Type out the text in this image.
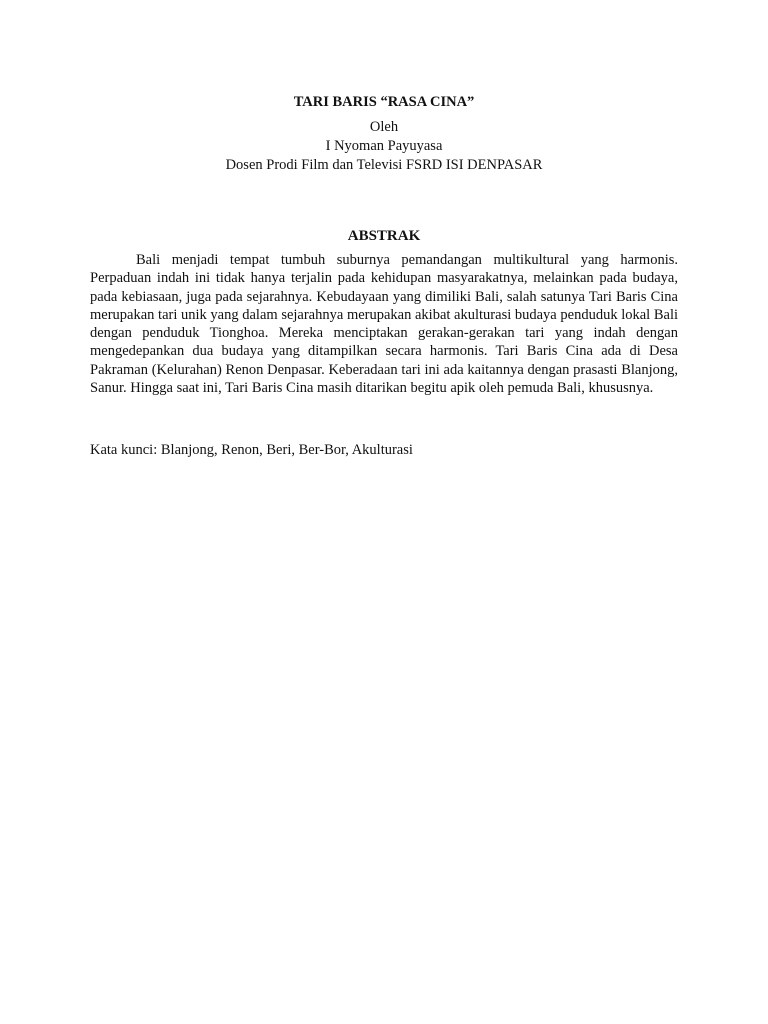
TARI BARIS “RASA CINA”
Oleh
I Nyoman Payuyasa
Dosen Prodi Film dan Televisi FSRD ISI DENPASAR
ABSTRAK

Bali menjadi tempat tumbuh suburnya pemandangan multikultural yang harmonis. Perpaduan indah ini tidak hanya terjalin pada kehidupan masyarakatnya, melainkan pada budaya, pada kebiasaan, juga pada sejarahnya. Kebudayaan yang dimiliki Bali, salah satunya Tari Baris Cina merupakan tari unik yang dalam sejarahnya merupakan akibat akulturasi budaya penduduk lokal Bali dengan penduduk Tionghoa. Mereka menciptakan gerakan-gerakan tari yang indah dengan mengedepankan dua budaya yang ditampilkan secara harmonis. Tari Baris Cina ada di Desa Pakraman (Kelurahan) Renon Denpasar. Keberadaan tari ini ada kaitannya dengan prasasti Blanjong, Sanur. Hingga saat ini, Tari Baris Cina masih ditarikan begitu apik oleh pemuda Bali, khususnya.

Kata kunci: Blanjong, Renon, Beri, Ber-Bor, Akulturasi
